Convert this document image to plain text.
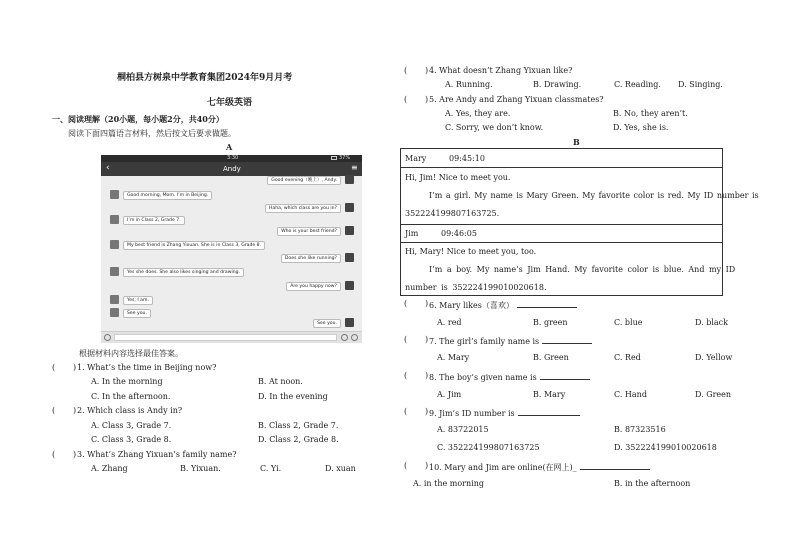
桐柏县方树泉中学教育集团2024年9月月考
七年级英语
一、阅读理解（20小题，每小题2分，共40分）
阅读下面四篇语言材料，然后按文后要求做题。
A
3:30	37%
‹	Andy	≡
Good evening（晚上）, Andy.
Good morning, Mom. I’m in Beijing.
Haha, which class are you in?
I’m in Class 2, Grade 7.
Who is your best friend?
My best friend is Zhang Yixuan. She is in Class 3, Grade 8.
Does she like running?
Yes she does. She also likes singing and drawing.
Are you happy now?
Yes, I am.
See you.
See you.
根据材料内容选择最佳答案。
( ) 1. What’s the time in Beijing now?
A. In the morning	B. At noon.
C. In the afternoon.	D. In the evening
( ) 2. Which class is Andy in?
A. Class 3, Grade 7.	B. Class 2, Grade 7.
C. Class 3, Grade 8.	D. Class 2, Grade 8.
( ) 3. What’s Zhang Yixuan’s family name?
A. Zhang	B. Yixuan.	C. Yi.	D. xuan
( ) 4. What doesn’t Zhang Yixuan like?
A. Running.	B. Drawing.	C. Reading. D. Singing.
( ) 5. Are Andy and Zhang Yixuan classmates?
A. Yes, they are.	B. No, they aren’t.
C. Sorry, we don’t know.	D. Yes, she is.
B
Mary	09:45:10
Hi, Jim! Nice to meet you.
I’m a girl. My name is Mary Green. My favorite color is red. My ID number is
352224199807163725.
Jim	09:46:05
Hi, Mary! Nice to meet you, too.
I’m a boy. My name’s Jim Hand. My favorite color is blue. And my ID
number is 352224199010020618.
( ) 6. Mary likes（喜欢）
A. red	B. green	C. blue	D. black
( ) 7. The girl’s family name is
A. Mary	B. Green	C. Red	D. Yellow
( ) 8. The boy’s given name is
A. Jim	B. Mary	C. Hand	D. Green
( ) 9. Jim’s ID number is
A. 83722015	B. 87323516
C. 352224199807163725	D. 352224199010020618
( ) 10. Mary and Jim are online(在网上)_
A. in the morning	B. in the afternoon
